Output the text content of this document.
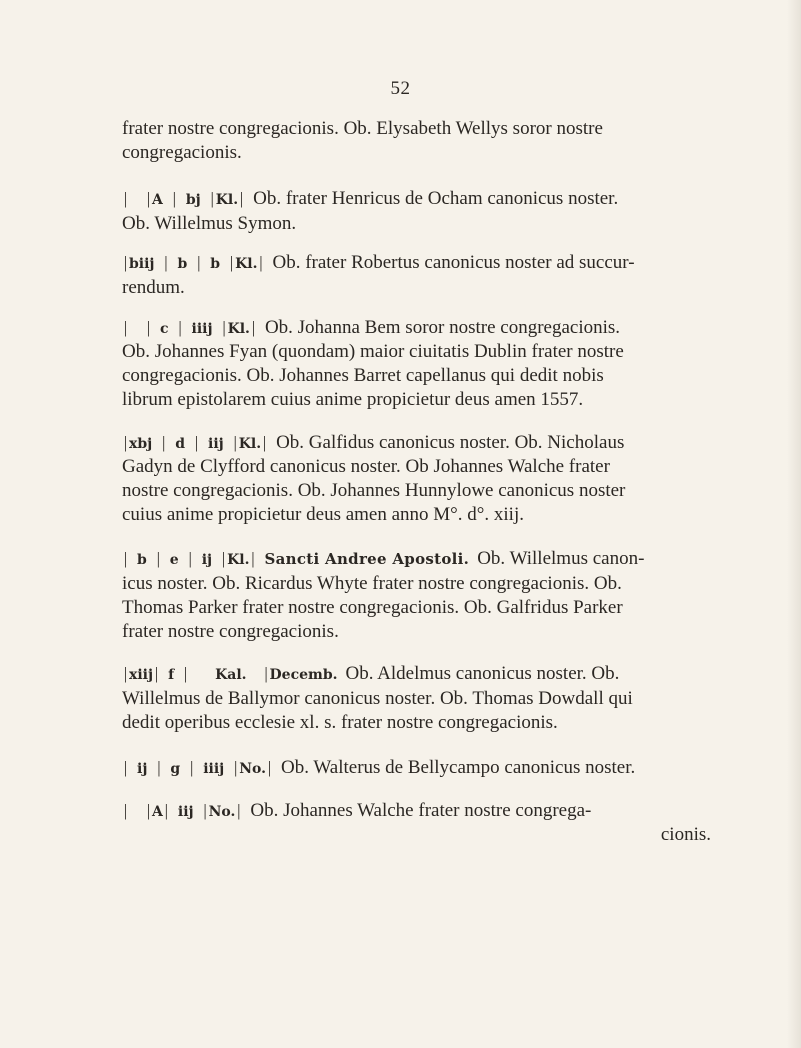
52
frater nostre congregacionis. Ob. Elysabeth Wellys soror nostre
congregacionis.
| | A | bj | Kl. | Ob. frater Henricus de Ocham canonicus noster.
Ob. Willelmus Symon.
| biij | b | b | Kl. | Ob. frater Robertus canonicus noster ad succur-
rendum.
| | c | iiij | Kl. | Ob. Johanna Bem soror nostre congregacionis.
Ob. Johannes Fyan (quondam) maior ciuitatis Dublin frater nostre
congregacionis. Ob. Johannes Barret capellanus qui dedit nobis
librum epistolarem cuius anime propicietur deus amen 1557.
| xbj | d | iij | Kl. | Ob. Galfidus canonicus noster. Ob. Nicholaus
Gadyn de Clyfford canonicus noster. Ob Johannes Walche frater
nostre congregacionis. Ob. Johannes Hunnylowe canonicus noster
cuius anime propicietur deus amen anno M°. d°. xiij.
| b | e | ij | Kl. | Sancti Andree Apostoli. Ob. Willelmus canon-
icus noster. Ob. Ricardus Whyte frater nostre congregacionis. Ob.
Thomas Parker frater nostre congregacionis. Ob. Galfridus Parker
frater nostre congregacionis.
| xiij | f | Kal. | Decemb. Ob. Aldelmus canonicus noster. Ob.
Willelmus de Ballymor canonicus noster. Ob. Thomas Dowdall qui
dedit operibus ecclesie xl. s. frater nostre congregacionis.
| ij | g | iiij | No. | Ob. Walterus de Bellycampo canonicus noster.
| | A | iij | No. | Ob. Johannes Walche frater nostre congrega-
cionis.
